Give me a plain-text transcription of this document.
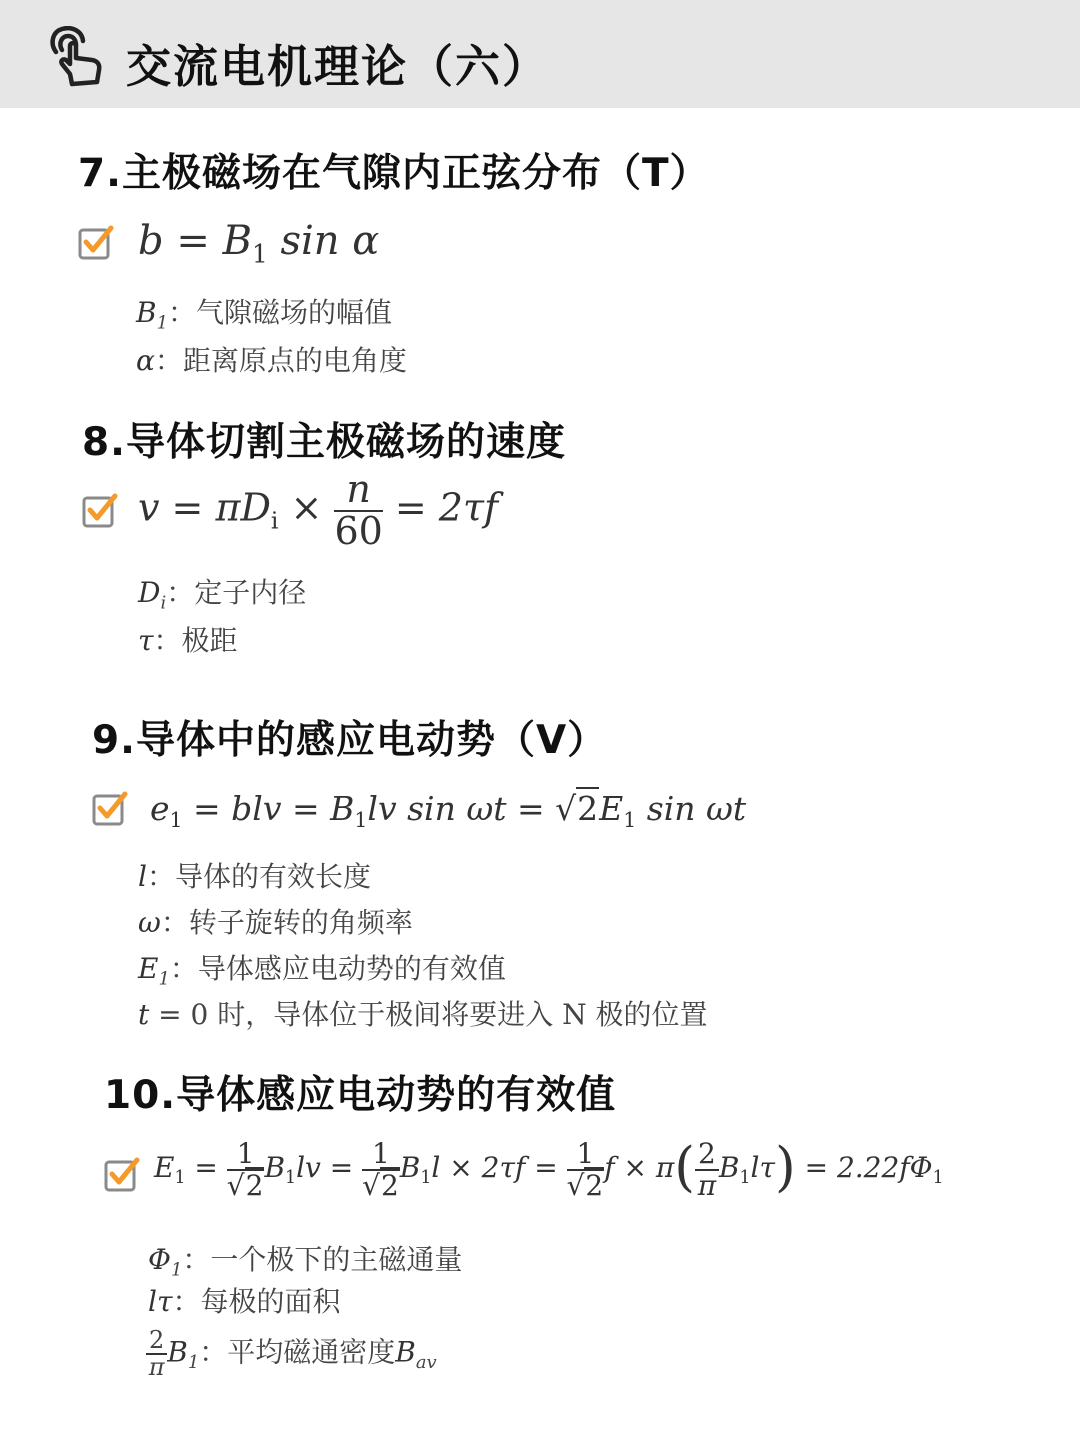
交流电机理论（六）
7.主极磁场在气隙内正弦分布（T）
$b = B_1$ sin α
$B_1$：气隙磁场的幅值
α：距离原点的电角度
8.导体切割主极磁场的速度
$v = \pi D_i \times \frac{n}{60} = 2\tau f$
$D_i$：定子内径
τ：极距
9.导体中的感应电动势（V）
$e_1$ = blv = $B_1lv$ $\sin \omega t = √2E_1$ sin ωt
l：导体的有效长度
ω：转子旋转的角频率
$E_1$：导体感应电动势的有效值
t = 0 时，导体位于极间将要进入 N 极的位置
10.导体感应电动势的有效值
$E_1 = \frac{1}{√2} B_1lv = \frac{1}{√2} B_1l \times 2\tau f = \frac{1}{√2}$ $f \times \pi( \frac{2}{\pi} B_1l\tau) = 2.22f\Phi_1$
$\Phi_1$：一个极下的主磁通量
lτ：每极的面积
$\frac{2}{\pi} B_1$：平均磁通密度$B_{av}$
